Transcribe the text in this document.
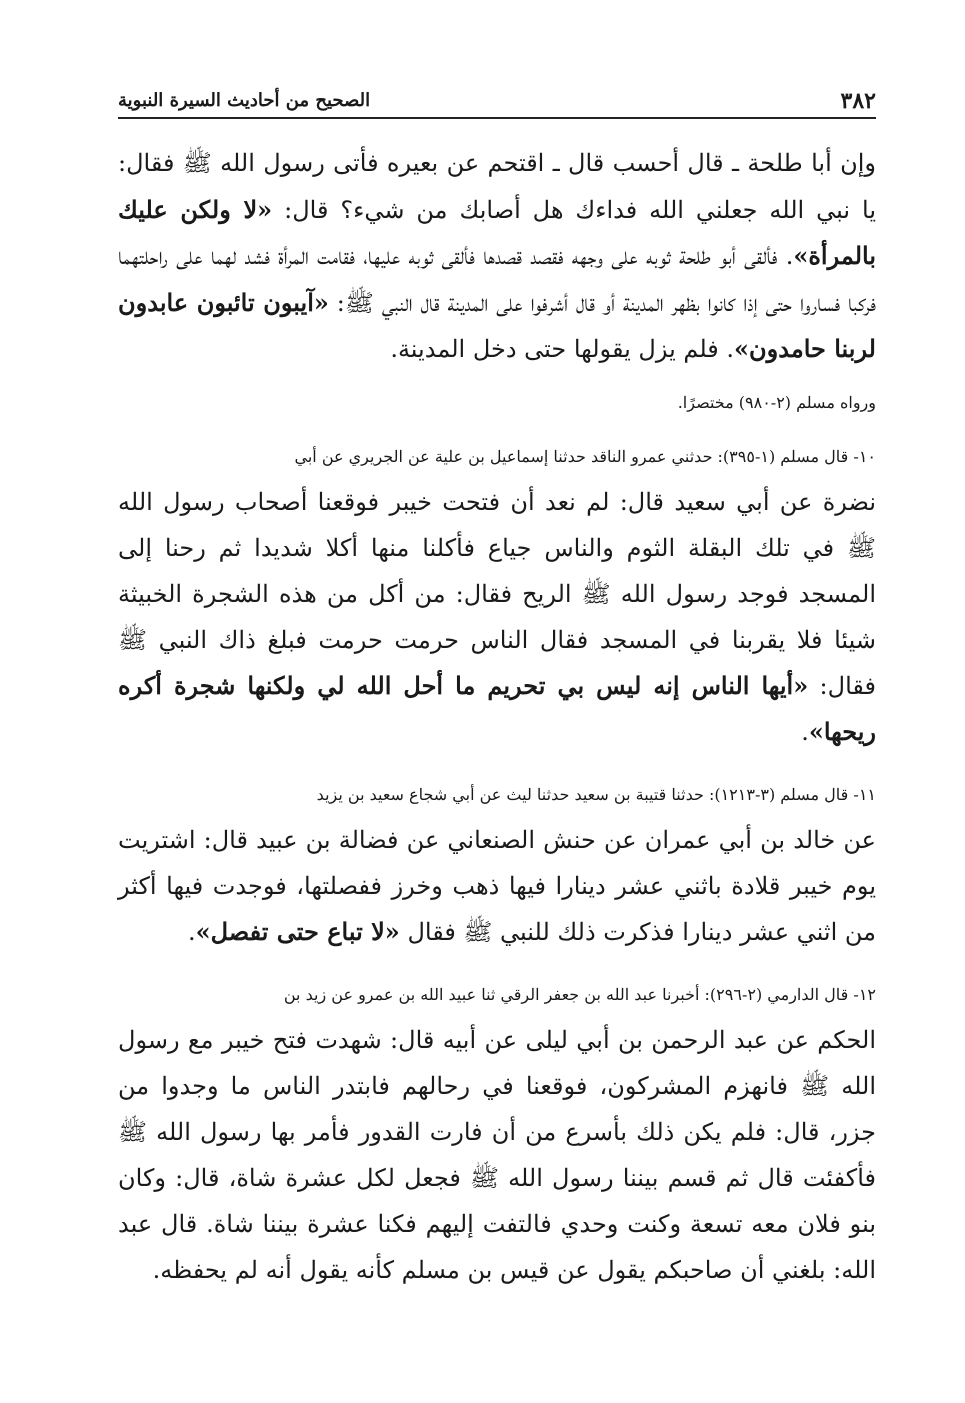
٣٨٢
الصحيح من أحاديث السيرة النبوية

وإن أبا طلحة ـ قال أحسب قال ـ اقتحم عن بعيره فأتى رسول الله ﷺ فقال: يا نبي الله جعلني الله فداءك هل أصابك من شيء؟ قال: «لا ولكن عليك بالمرأة». فألقى أبو طلحة ثوبه على وجهه فقصد قصدها فألقى ثوبه عليها، فقامت المرأة فشد لهما على راحلتهما فركبا فساروا حتى إذا كانوا بظهر المدينة أو قال أشرفوا على المدينة قال النبي ﷺ: «آيبون تائبون عابدون لربنا حامدون». فلم يزل يقولها حتى دخل المدينة.

ورواه مسلم (٢-٩٨٠) مختصرًا.

١٠- قال مسلم (١-٣٩٥): حدثني عمرو الناقد حدثنا إسماعيل بن علية عن الجريري عن أبي

نضرة عن أبي سعيد قال: لم نعد أن فتحت خيبر فوقعنا أصحاب رسول الله ﷺ في تلك البقلة الثوم والناس جياع فأكلنا منها أكلا شديدا ثم رحنا إلى المسجد فوجد رسول الله ﷺ الريح فقال: من أكل من هذه الشجرة الخبيثة شيئا فلا يقربنا في المسجد فقال الناس حرمت حرمت فبلغ ذاك النبي ﷺ فقال: «أيها الناس إنه ليس بي تحريم ما أحل الله لي ولكنها شجرة أكره ريحها».

١١- قال مسلم (٣-١٢١٣): حدثنا قتيبة بن سعيد حدثنا ليث عن أبي شجاع سعيد بن يزيد

عن خالد بن أبي عمران عن حنش الصنعاني عن فضالة بن عبيد قال: اشتريت يوم خيبر قلادة باثني عشر دينارا فيها ذهب وخرز ففصلتها، فوجدت فيها أكثر من اثني عشر دينارا فذكرت ذلك للنبي ﷺ فقال «لا تباع حتى تفصل».

١٢- قال الدارمي (٢-٢٩٦): أخبرنا عبد الله بن جعفر الرقي ثنا عبيد الله بن عمرو عن زيد بن

الحكم عن عبد الرحمن بن أبي ليلى عن أبيه قال: شهدت فتح خيبر مع رسول الله ﷺ فانهزم المشركون، فوقعنا في رحالهم فابتدر الناس ما وجدوا من جزر، قال: فلم يكن ذلك بأسرع من أن فارت القدور فأمر بها رسول الله ﷺ فأكفئت قال ثم قسم بيننا رسول الله ﷺ فجعل لكل عشرة شاة، قال: وكان بنو فلان معه تسعة وكنت وحدي فالتفت إليهم فكنا عشرة بيننا شاة. قال عبد الله: بلغني أن صاحبكم يقول عن قيس بن مسلم كأنه يقول أنه لم يحفظه.
